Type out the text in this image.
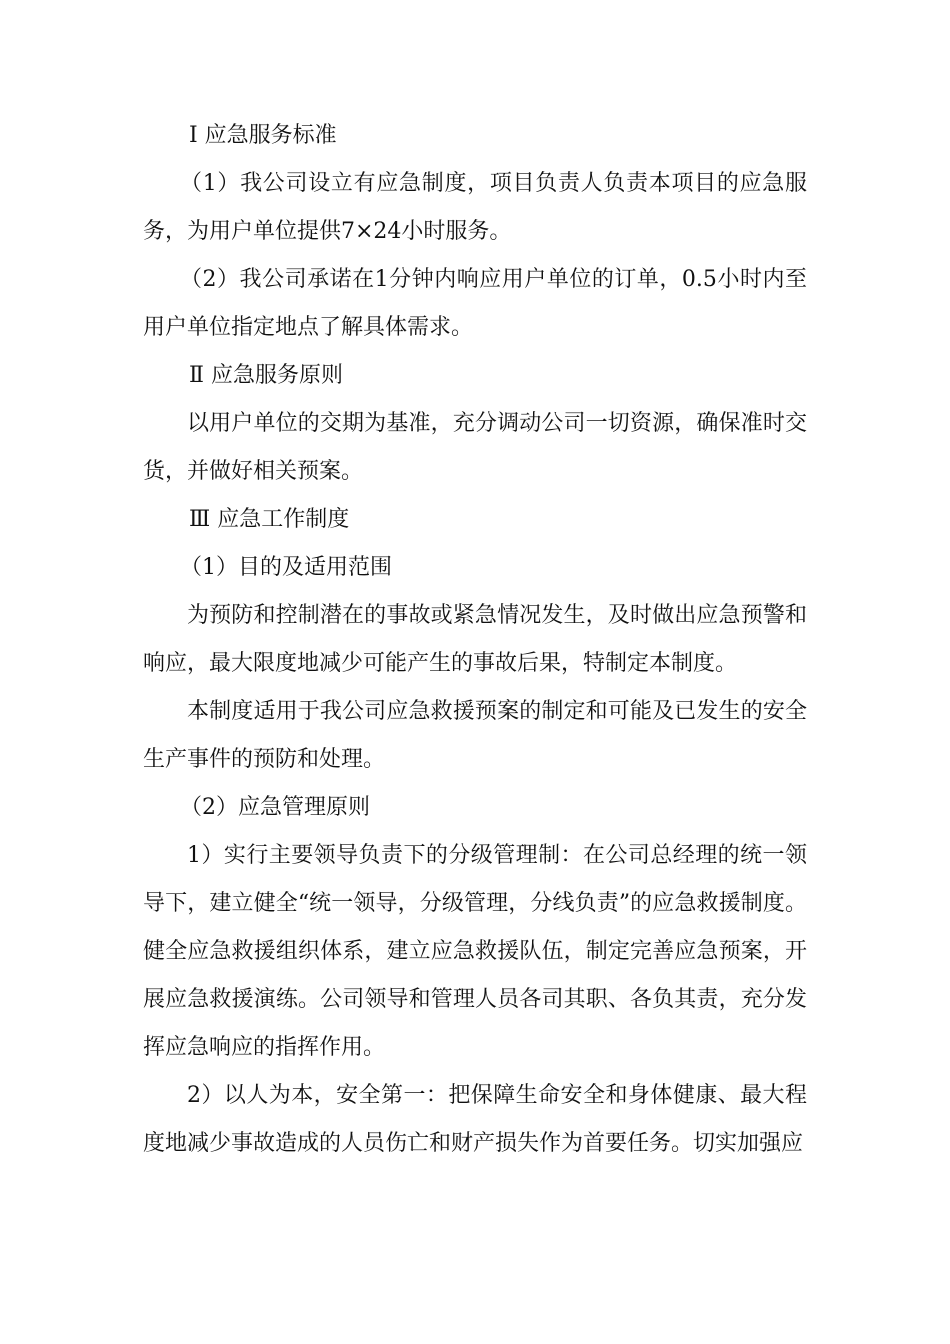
Ⅰ 应急服务标准

（1）我公司设立有应急制度，项目负责人负责本项目的应急服务，为用户单位提供7×24小时服务。

（2）我公司承诺在1分钟内响应用户单位的订单，0.5小时内至用户单位指定地点了解具体需求。

Ⅱ 应急服务原则

以用户单位的交期为基准，充分调动公司一切资源，确保准时交货，并做好相关预案。

Ⅲ 应急工作制度

（1）目的及适用范围

为预防和控制潜在的事故或紧急情况发生，及时做出应急预警和响应，最大限度地减少可能产生的事故后果，特制定本制度。

本制度适用于我公司应急救援预案的制定和可能及已发生的安全生产事件的预防和处理。

（2）应急管理原则

1）实行主要领导负责下的分级管理制：在公司总经理的统一领导下，建立健全“统一领导，分级管理，分线负责”的应急救援制度。健全应急救援组织体系，建立应急救援队伍，制定完善应急预案，开展应急救援演练。公司领导和管理人员各司其职、各负其责，充分发挥应急响应的指挥作用。

2）以人为本，安全第一：把保障生命安全和身体健康、最大程度地减少事故造成的人员伤亡和财产损失作为首要任务。切实加强应
